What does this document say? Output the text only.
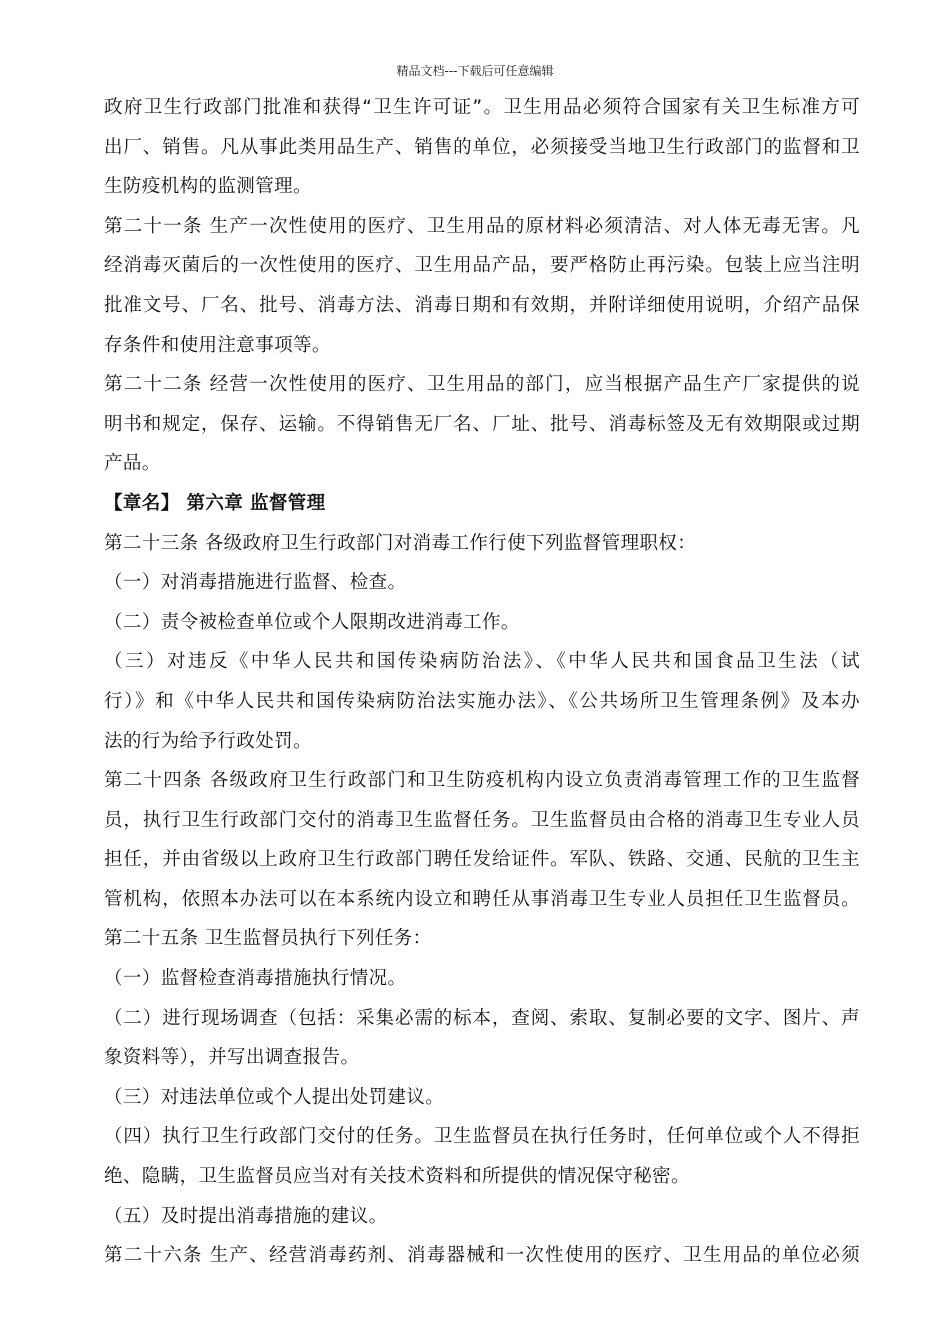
精品文档---下载后可任意编辑
政府卫生行政部门批准和获得“卫生许可证”。卫生用品必须符合国家有关卫生标准方可
出厂、销售。凡从事此类用品生产、销售的单位，必须接受当地卫生行政部门的监督和卫
生防疫机构的监测管理。
第二十一条 生产一次性使用的医疗、卫生用品的原材料必须清洁、对人体无毒无害。凡
经消毒灭菌后的一次性使用的医疗、卫生用品产品，要严格防止再污染。包装上应当注明
批准文号、厂名、批号、消毒方法、消毒日期和有效期，并附详细使用说明，介绍产品保
存条件和使用注意事项等。
第二十二条 经营一次性使用的医疗、卫生用品的部门，应当根据产品生产厂家提供的说
明书和规定，保存、运输。不得销售无厂名、厂址、批号、消毒标签及无有效期限或过期
产品。
【章名】 第六章 监督管理
第二十三条 各级政府卫生行政部门对消毒工作行使下列监督管理职权：
（一）对消毒措施进行监督、检查。
（二）责令被检查单位或个人限期改进消毒工作。
（三）对违反《中华人民共和国传染病防治法》、《中华人民共和国食品卫生法（试
行）》和《中华人民共和国传染病防治法实施办法》、《公共场所卫生管理条例》及本办
法的行为给予行政处罚。
第二十四条 各级政府卫生行政部门和卫生防疫机构内设立负责消毒管理工作的卫生监督
员，执行卫生行政部门交付的消毒卫生监督任务。卫生监督员由合格的消毒卫生专业人员
担任，并由省级以上政府卫生行政部门聘任发给证件。军队、铁路、交通、民航的卫生主
管机构，依照本办法可以在本系统内设立和聘任从事消毒卫生专业人员担任卫生监督员。
第二十五条 卫生监督员执行下列任务：
（一）监督检查消毒措施执行情况。
（二）进行现场调查（包括：采集必需的标本，查阅、索取、复制必要的文字、图片、声
象资料等），并写出调查报告。
（三）对违法单位或个人提出处罚建议。
（四）执行卫生行政部门交付的任务。卫生监督员在执行任务时，任何单位或个人不得拒
绝、隐瞒，卫生监督员应当对有关技术资料和所提供的情况保守秘密。
（五）及时提出消毒措施的建议。
第二十六条 生产、经营消毒药剂、消毒器械和一次性使用的医疗、卫生用品的单位必须
